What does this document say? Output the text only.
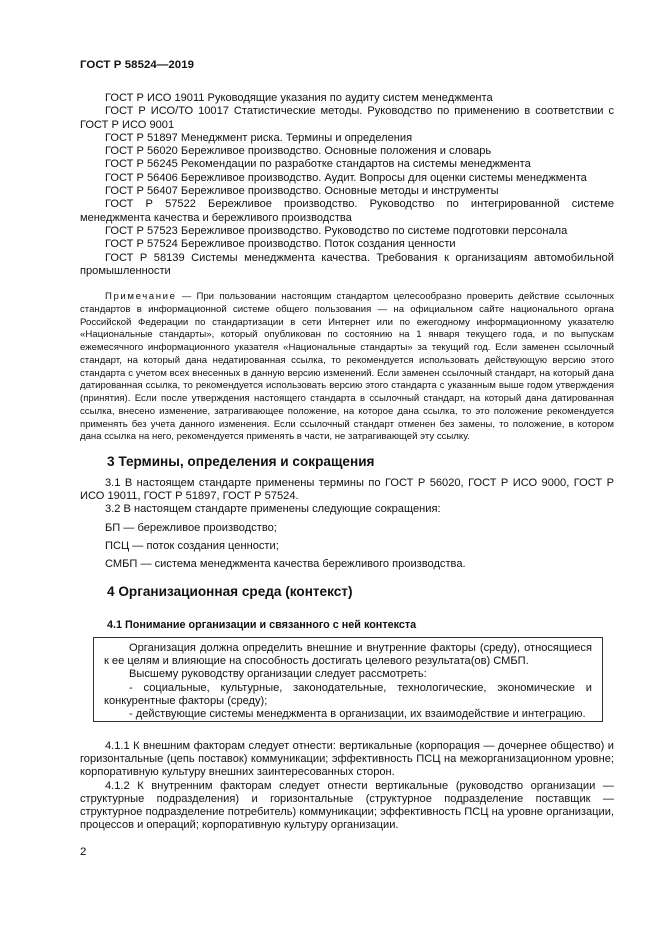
ГОСТ Р 58524—2019

ГОСТ Р ИСО 19011 Руководящие указания по аудиту систем менеджмента

ГОСТ Р ИСО/ТО 10017 Статистические методы. Руководство по применению в соответствии с ГОСТ Р ИСО 9001

ГОСТ Р 51897 Менеджмент риска. Термины и определения

ГОСТ Р 56020 Бережливое производство. Основные положения и словарь

ГОСТ Р 56245 Рекомендации по разработке стандартов на системы менеджмента

ГОСТ Р 56406 Бережливое производство. Аудит. Вопросы для оценки системы менеджмента

ГОСТ Р 56407 Бережливое производство. Основные методы и инструменты

ГОСТ Р 57522 Бережливое производство. Руководство по интегрированной системе менеджмента качества и бережливого производства

ГОСТ Р 57523 Бережливое производство. Руководство по системе подготовки персонала

ГОСТ Р 57524 Бережливое производство. Поток создания ценности

ГОСТ Р 58139 Системы менеджмента качества. Требования к организациям автомобильной промышленности

Примечание — При пользовании настоящим стандартом целесообразно проверить действие ссылочных стандартов в информационной системе общего пользования — на официальном сайте национального органа Российской Федерации по стандартизации в сети Интернет или по ежегодному информационному указателю «Национальные стандарты», который опубликован по состоянию на 1 января текущего года, и по выпускам ежемесячного информационного указателя «Национальные стандарты» за текущий год. Если заменен ссылочный стандарт, на который дана недатированная ссылка, то рекомендуется использовать действующую версию этого стандарта с учетом всех внесенных в данную версию изменений. Если заменен ссылочный стандарт, на который дана датированная ссылка, то рекомендуется использовать версию этого стандарта с указанным выше годом утверждения (принятия). Если после утверждения настоящего стандарта в ссылочный стандарт, на который дана датированная ссылка, внесено изменение, затрагивающее положение, на которое дана ссылка, то это положение рекомендуется применять без учета данного изменения. Если ссылочный стандарт отменен без замены, то положение, в котором дана ссылка на него, рекомендуется применять в части, не затрагивающей эту ссылку.

3 Термины, определения и сокращения

3.1 В настоящем стандарте применены термины по ГОСТ Р 56020, ГОСТ Р ИСО 9000, ГОСТ Р ИСО 19011, ГОСТ Р 51897, ГОСТ Р 57524.

3.2 В настоящем стандарте применены следующие сокращения:

БП — бережливое производство;

ПСЦ — поток создания ценности;

СМБП — система менеджмента качества бережливого производства.

4 Организационная среда (контекст)
4.1 Понимание организации и связанного с ней контекста

Организация должна определить внешние и внутренние факторы (среду), относящиеся к ее целям и влияющие на способность достигать целевого результата(ов) СМБП.

Высшему руководству организации следует рассмотреть:

- социальные, культурные, законодательные, технологические, экономические и конкурентные факторы (среду);

- действующие системы менеджмента в организации, их взаимодействие и интеграцию.

4.1.1 К внешним факторам следует отнести: вертикальные (корпорация — дочернее общество) и горизонтальные (цепь поставок) коммуникации; эффективность ПСЦ на межорганизационном уровне; корпоративную культуру внешних заинтересованных сторон.

4.1.2 К внутренним факторам следует отнести вертикальные (руководство организации — структурные подразделения) и горизонтальные (структурное подразделение поставщик — структурное подразделение потребитель) коммуникации; эффективность ПСЦ на уровне организации, процессов и операций; корпоративную культуру организации.

2
